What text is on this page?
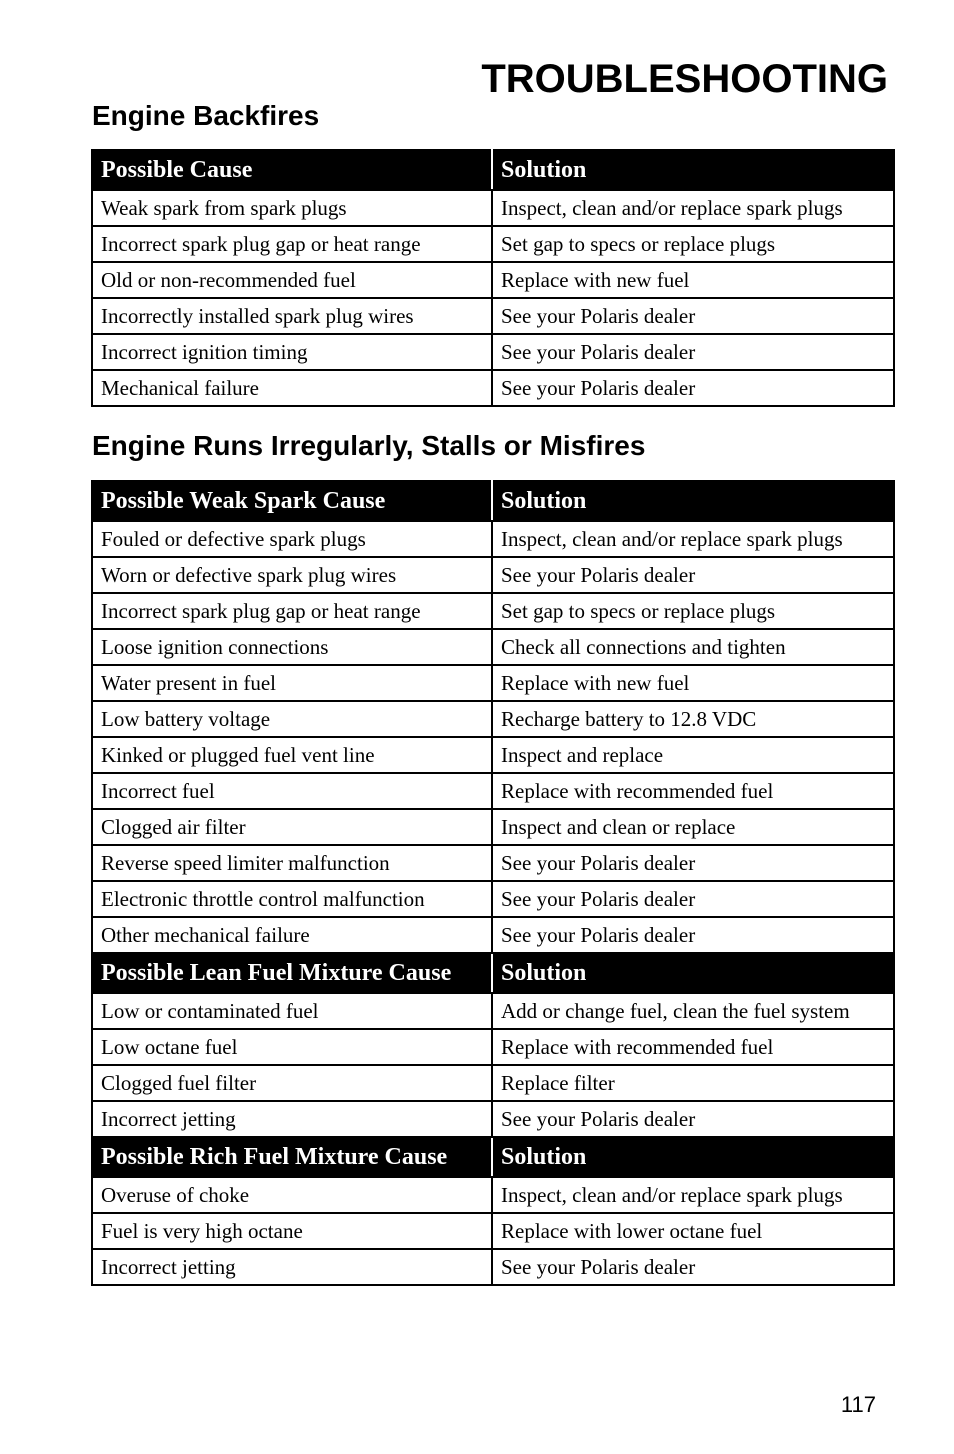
TROUBLESHOOTING
Engine Backfires
Possible Cause	Solution
Weak spark from spark plugs	Inspect, clean and/or replace spark plugs
Incorrect spark plug gap or heat range	Set gap to specs or replace plugs
Old or non-recommended fuel	Replace with new fuel
Incorrectly installed spark plug wires	See your Polaris dealer
Incorrect ignition timing	See your Polaris dealer
Mechanical failure	See your Polaris dealer
Engine Runs Irregularly, Stalls or Misfires
Possible Weak Spark Cause	Solution
Fouled or defective spark plugs	Inspect, clean and/or replace spark plugs
Worn or defective spark plug wires	See your Polaris dealer
Incorrect spark plug gap or heat range	Set gap to specs or replace plugs
Loose ignition connections	Check all connections and tighten
Water present in fuel	Replace with new fuel
Low battery voltage	Recharge battery to 12.8 VDC
Kinked or plugged fuel vent line	Inspect and replace
Incorrect fuel	Replace with recommended fuel
Clogged air filter	Inspect and clean or replace
Reverse speed limiter malfunction	See your Polaris dealer
Electronic throttle control malfunction	See your Polaris dealer
Other mechanical failure	See your Polaris dealer
Possible Lean Fuel Mixture Cause	Solution
Low or contaminated fuel	Add or change fuel, clean the fuel system
Low octane fuel	Replace with recommended fuel
Clogged fuel filter	Replace filter
Incorrect jetting	See your Polaris dealer
Possible Rich Fuel Mixture Cause	Solution
Overuse of choke	Inspect, clean and/or replace spark plugs
Fuel is very high octane	Replace with lower octane fuel
Incorrect jetting	See your Polaris dealer
117
